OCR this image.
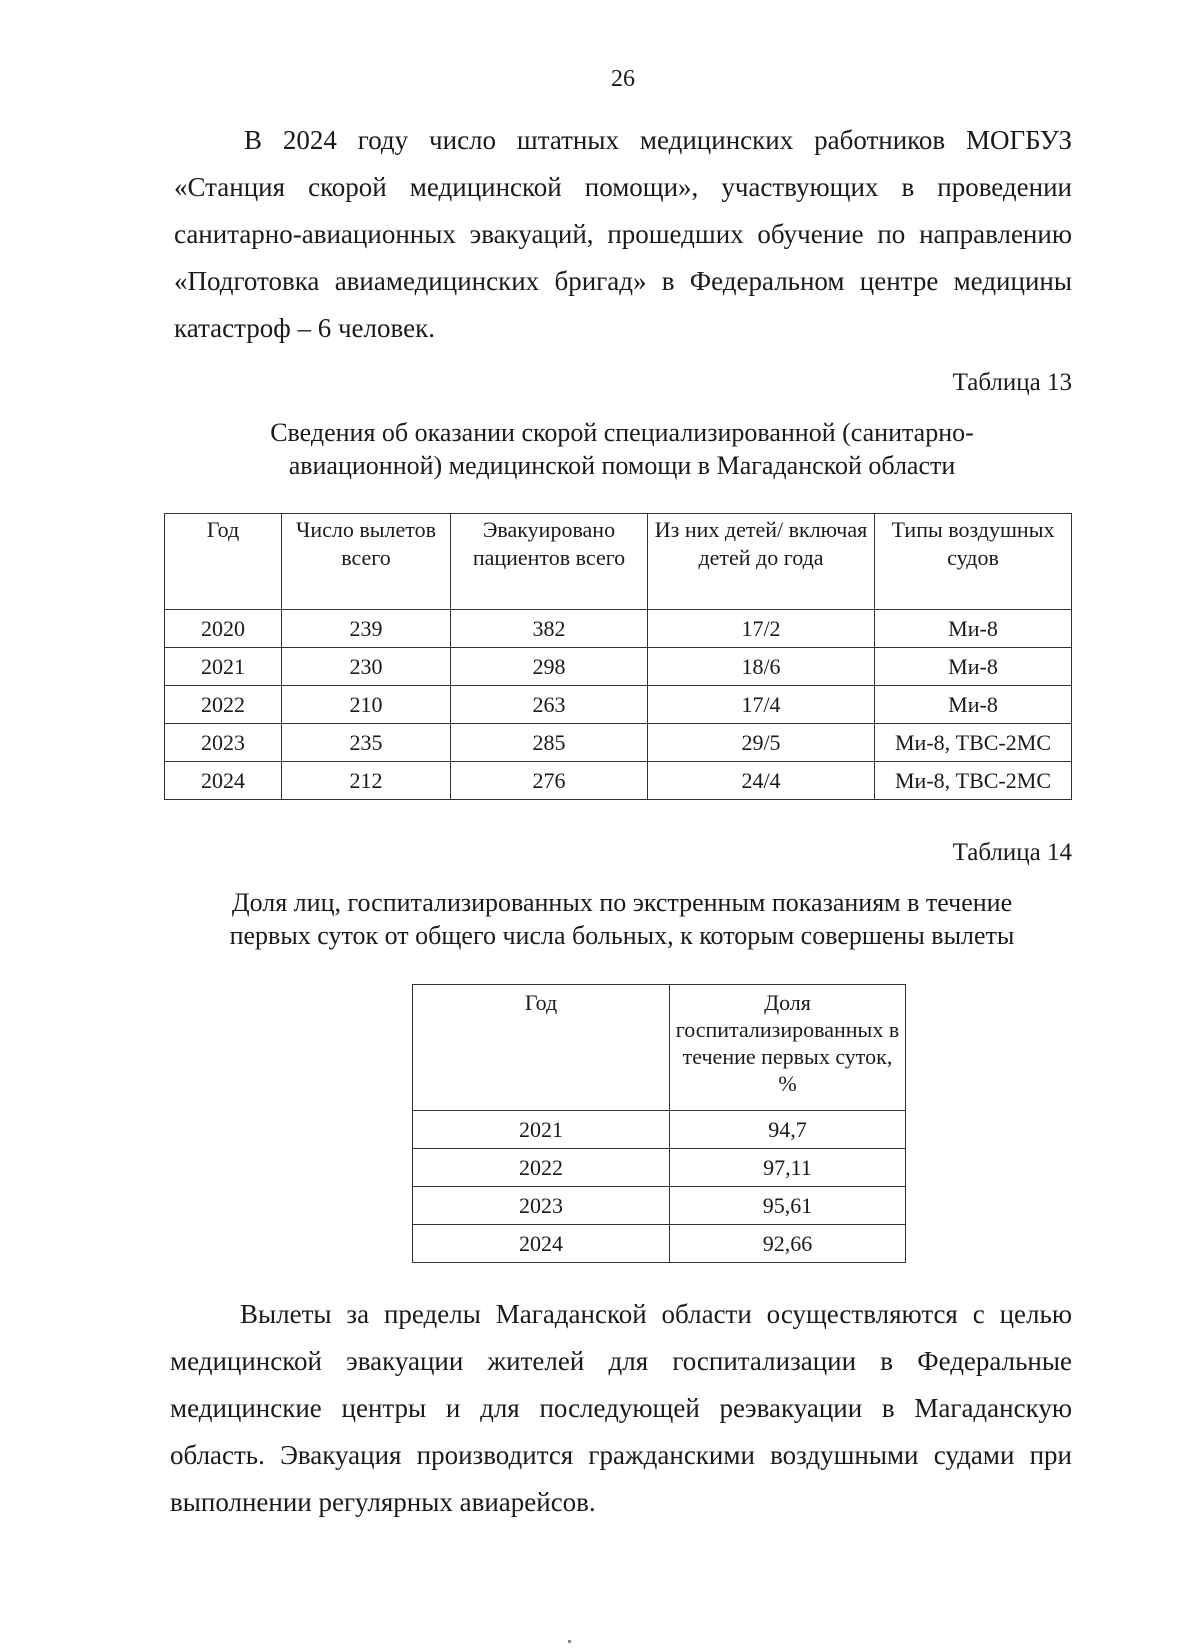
26

В 2024 году число штатных медицинских работников МОГБУЗ «Станция скорой медицинской помощи», участвующих в проведении санитарно-авиационных эвакуаций, прошедших обучение по направлению «Подготовка авиамедицинских бригад» в Федеральном центре медицины катастроф – 6 человек.

Таблица 13
Сведения об оказании скорой специализированной (санитарно-
авиационной) медицинской помощи в Магаданской области
Год	Число вылетов всего	Эвакуировано пациентов всего	Из них детей/ включая детей до года	Типы воздушных судов
2020	239	382	17/2	Ми-8
2021	230	298	18/6	Ми-8
2022	210	263	17/4	Ми-8
2023	235	285	29/5	Ми-8, ТВС-2МС
2024	212	276	24/4	Ми-8, ТВС-2МС
Таблица 14
Доля лиц, госпитализированных по экстренным показаниям в течение
первых суток от общего числа больных, к которым совершены вылеты
Год	Доля госпитализированных в течение первых суток, %
2021	94,7
2022	97,11
2023	95,61
2024	92,66

Вылеты за пределы Магаданской области осуществляются с целью медицинской эвакуации жителей для госпитализации в Федеральные медицинские центры и для последующей реэвакуации в Магаданскую область. Эвакуация производится гражданскими воздушными судами при выполнении регулярных авиарейсов.
